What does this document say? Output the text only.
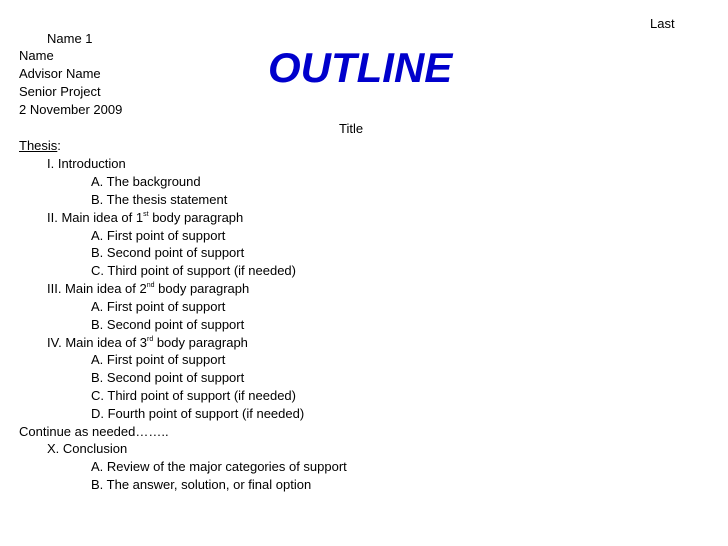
Last
Name 1
Name
Advisor Name
Senior Project
2 November 2009
OUTLINE
Title
Thesis:
I. Introduction
A. The background
B. The thesis statement
II. Main idea of 1st body paragraph
A. First point of support
B. Second point of support
C. Third point of support (if needed)
III. Main idea of 2nd body paragraph
A. First point of support
B. Second point of support
IV. Main idea of 3rd body paragraph
A. First point of support
B. Second point of support
C. Third point of support (if needed)
D. Fourth point of support (if needed)
Continue as needed……..
X. Conclusion
A. Review of the major categories of support
B. The answer, solution, or final option
